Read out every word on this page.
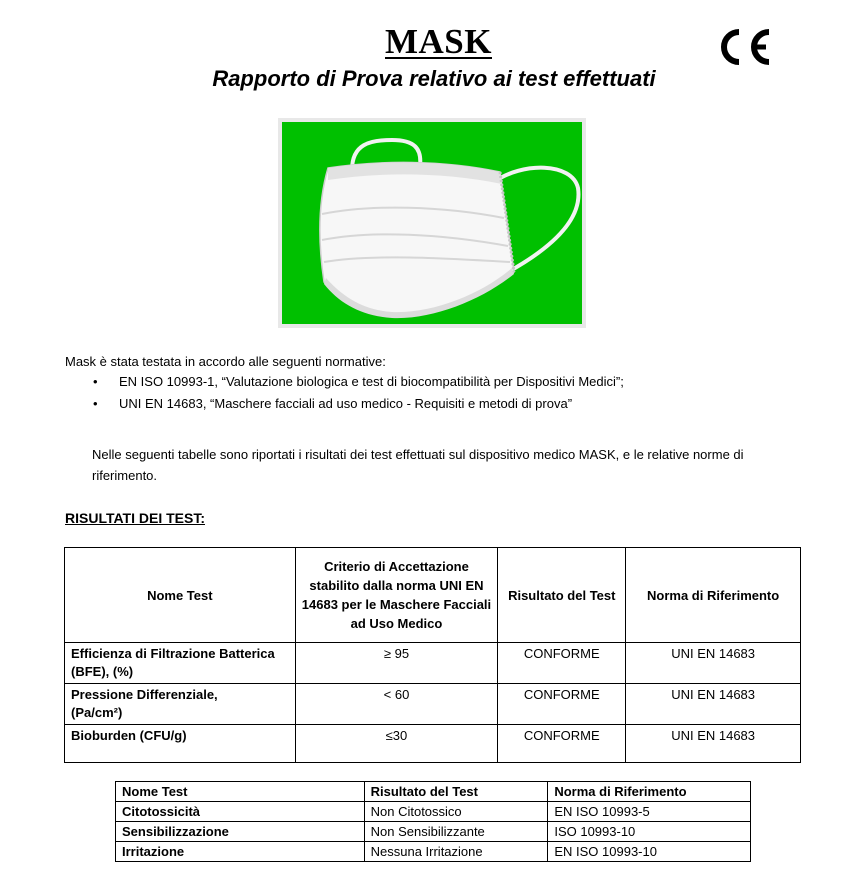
MASK
Rapporto di Prova relativo ai test effettuati
Mask è stata testata in accordo alle seguenti normative:
• EN ISO 10993-1, “Valutazione biologica e test di biocompatibilità per Dispositivi Medici”;
• UNI EN 14683, “Maschere facciali ad uso medico - Requisiti e metodi di prova”
Nelle seguenti tabelle sono riportati i risultati dei test effettuati sul dispositivo medico MASK, e le relative norme di riferimento.
RISULTATI DEI TEST:
Nome Test	Criterio di Accettazione stabilito dalla norma UNI EN 14683 per le Maschere Facciali ad Uso Medico	Risultato del Test	Norma di Riferimento
Efficienza di Filtrazione Batterica
(BFE), (%)	≥ 95	CONFORME	UNI EN 14683
Pressione Differenziale,
(Pa/cm²)	< 60	CONFORME	UNI EN 14683
Bioburden (CFU/g)	≤30	CONFORME	UNI EN 14683
Nome Test	Risultato del Test	Norma di Riferimento
Citotossicità	Non Citotossico	EN ISO 10993-5
Sensibilizzazione	Non Sensibilizzante	ISO 10993-10
Irritazione	Nessuna Irritazione	EN ISO 10993-10
